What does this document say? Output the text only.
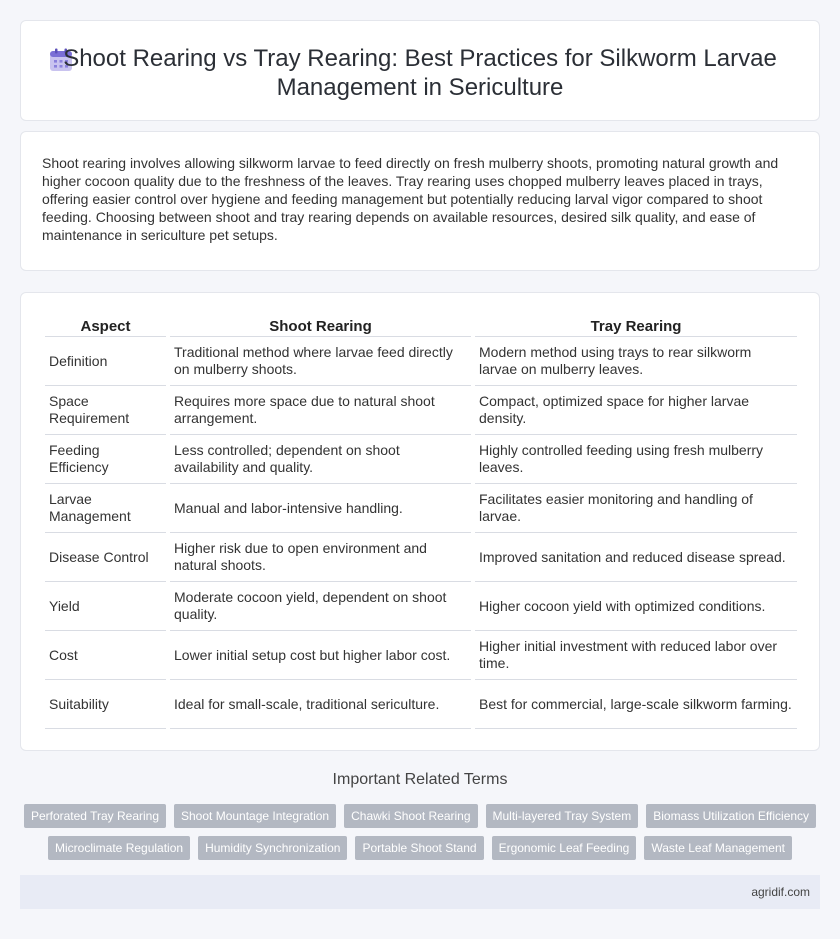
Shoot Rearing vs Tray Rearing: Best Practices for Silkworm Larvae
Management in Sericulture

Shoot rearing involves allowing silkworm larvae to feed directly on fresh mulberry shoots, promoting natural growth and higher cocoon quality due to the freshness of the leaves. Tray rearing uses chopped mulberry leaves placed in trays, offering easier control over hygiene and feeding management but potentially reducing larval vigor compared to shoot feeding. Choosing between shoot and tray rearing depends on available resources, desired silk quality, and ease of maintenance in sericulture pet setups.

Aspect	Shoot Rearing	Tray Rearing
Definition	Traditional method where larvae feed directly on mulberry shoots.	Modern method using trays to rear silkworm larvae on mulberry leaves.
Space Requirement	Requires more space due to natural shoot arrangement.	Compact, optimized space for higher larvae density.
Feeding Efficiency	Less controlled; dependent on shoot availability and quality.	Highly controlled feeding using fresh mulberry leaves.
Larvae Management	Manual and labor-intensive handling.	Facilitates easier monitoring and handling of larvae.
Disease Control	Higher risk due to open environment and natural shoots.	Improved sanitation and reduced disease spread.
Yield	Moderate cocoon yield, dependent on shoot quality.	Higher cocoon yield with optimized conditions.
Cost	Lower initial setup cost but higher labor cost.	Higher initial investment with reduced labor over time.
Suitability	Ideal for small-scale, traditional sericulture.	Best for commercial, large-scale silkworm farming.
Important Related Terms
Perforated Tray Rearing	Shoot Mountage Integration	Chawki Shoot Rearing	Multi-layered Tray System	Biomass Utilization Efficiency
Microclimate Regulation	Humidity Synchronization	Portable Shoot Stand	Ergonomic Leaf Feeding	Waste Leaf Management
agridif.com
